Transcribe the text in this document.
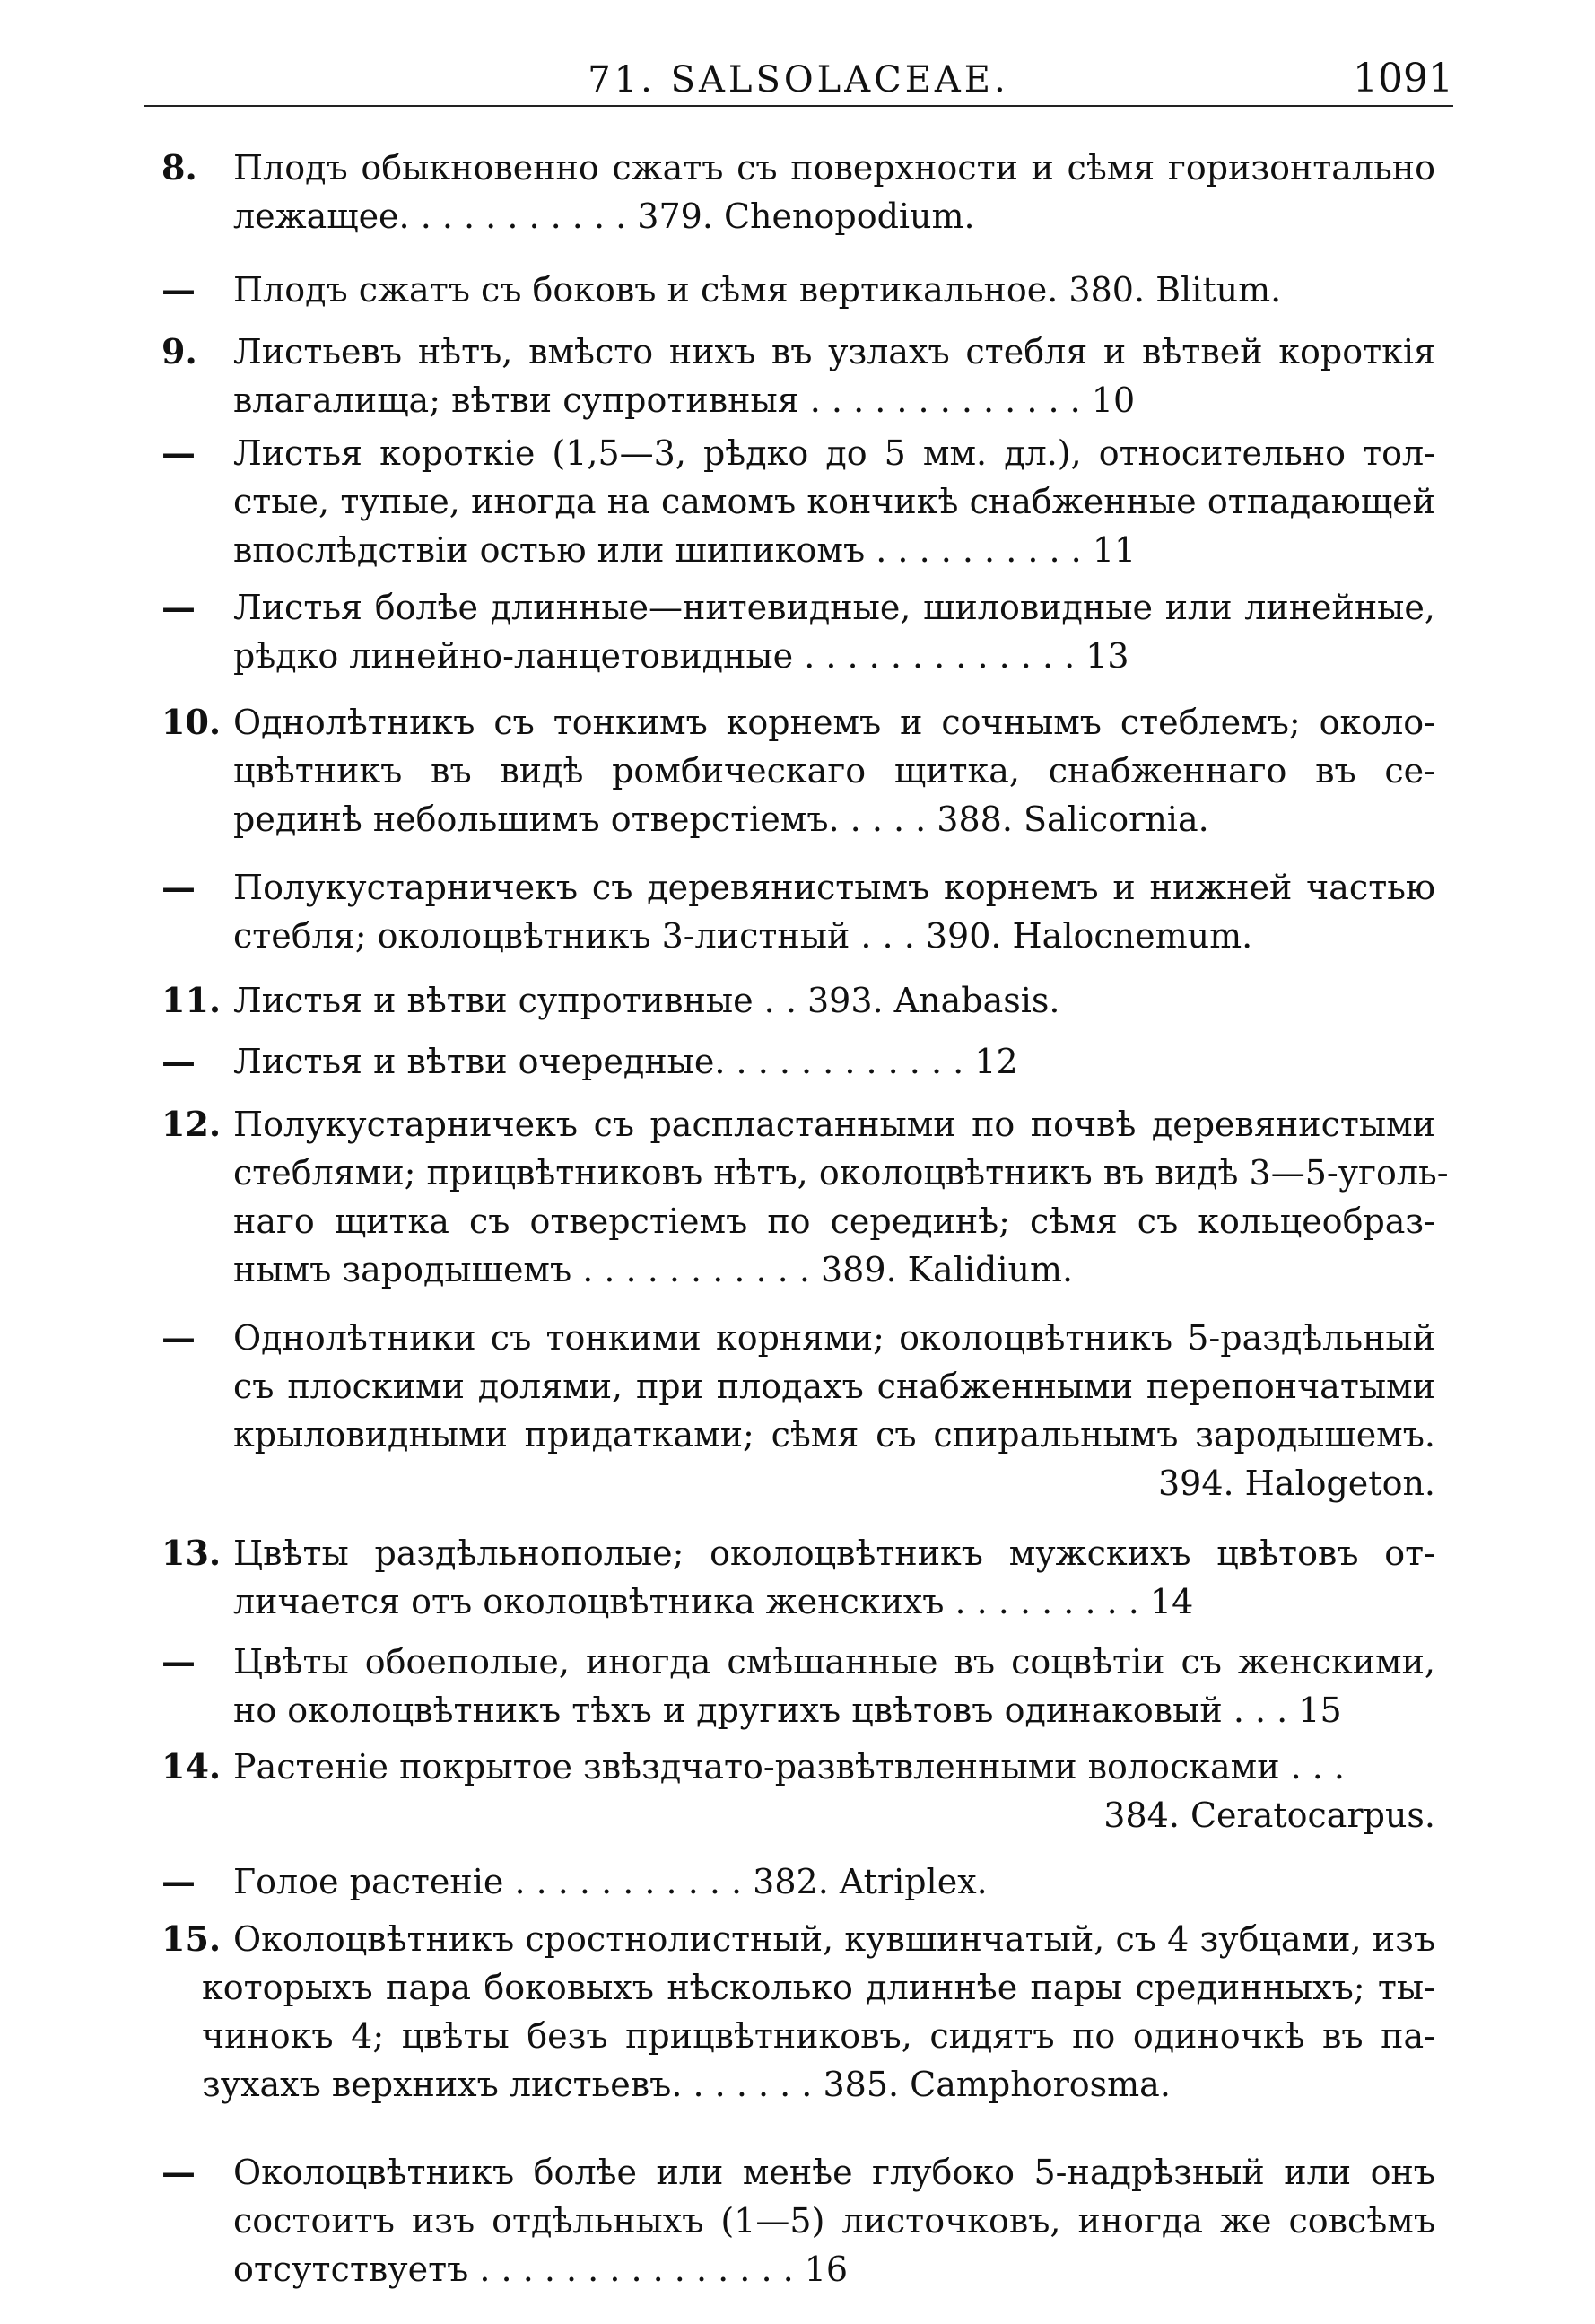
71. SALSOLACEAE.	1091
8.	Плодъ обыкновенно сжатъ съ поверхности и сѣмя горизонтально
лежащее. . . . . . . . . . . 379. Chenopodium.
—	Плодъ сжатъ съ боковъ и сѣмя вертикальное. 380. Blitum.
9.	Листьевъ нѣтъ, вмѣсто нихъ въ узлахъ стебля и вѣтвей короткія
влагалища; вѣтви супротивныя . . . . . . . . . . . . . 10
—	Листья короткіе (1,5—3, рѣдко до 5 мм. дл.), относительно тол-
стые, тупые, иногда на самомъ кончикѣ снабженные отпадающей
впослѣдствіи остью или шипикомъ . . . . . . . . . . 11
—	Листья болѣе длинные—нитевидные, шиловидные или линейные,
рѣдко линейно-ланцетовидные . . . . . . . . . . . . . 13
10. Однолѣтникъ съ тонкимъ корнемъ и сочнымъ стеблемъ; около-
цвѣтникъ въ видѣ ромбическаго щитка, снабженнаго въ се-
рединѣ небольшимъ отверстіемъ. . . . . 388. Salicornia.
—	Полукустарничекъ съ деревянистымъ корнемъ и нижней частью
стебля; околоцвѣтникъ 3-листный . . . 390. Halocnemum.
11. Листья и вѣтви супротивные . . 393. Anabasis.
—	Листья и вѣтви очередные. . . . . . . . . . . . 12
12. Полукустарничекъ съ распластанными по почвѣ деревянистыми
стеблями; прицвѣтниковъ нѣтъ, околоцвѣтникъ въ видѣ 3—5-уголь-
наго щитка съ отверстіемъ по серединѣ; сѣмя съ кольцеобраз-
нымъ зародышемъ . . . . . . . . . . . 389. Kalidium.
—	Однолѣтники съ тонкими корнями; околоцвѣтникъ 5-раздѣльный
съ плоскими долями, при плодахъ снабженными перепончатыми
крыловидными придатками; сѣмя съ спиральнымъ зародышемъ.
394. Halogeton.
13. Цвѣты раздѣльнополые; околоцвѣтникъ мужскихъ цвѣтовъ от-
личается отъ околоцвѣтника женскихъ . . . . . . . . . 14
—	Цвѣты обоеполые, иногда смѣшанные въ соцвѣтіи съ женскими,
но околоцвѣтникъ тѣхъ и другихъ цвѣтовъ одинаковый . . . 15
14. Растеніе покрытое звѣздчато-развѣтвленными волосками . . .
384. Ceratocarpus.
—	Голое растеніе . . . . . . . . . . . 382. Atriplex.
15. Околоцвѣтникъ сростнолистный, кувшинчатый, съ 4 зубцами, изъ
которыхъ пара боковыхъ нѣсколько длиннѣе пары срединныхъ; ты-
чинокъ 4; цвѣты безъ прицвѣтниковъ, сидятъ по одиночкѣ въ па-
зухахъ верхнихъ листьевъ. . . . . . . 385. Camphorosma.
—	Околоцвѣтникъ болѣе или менѣе глубоко 5-надрѣзный или онъ
состоитъ изъ отдѣльныхъ (1—5) листочковъ, иногда же совсѣмъ
отсутствуетъ . . . . . . . . . . . . . . . 16
